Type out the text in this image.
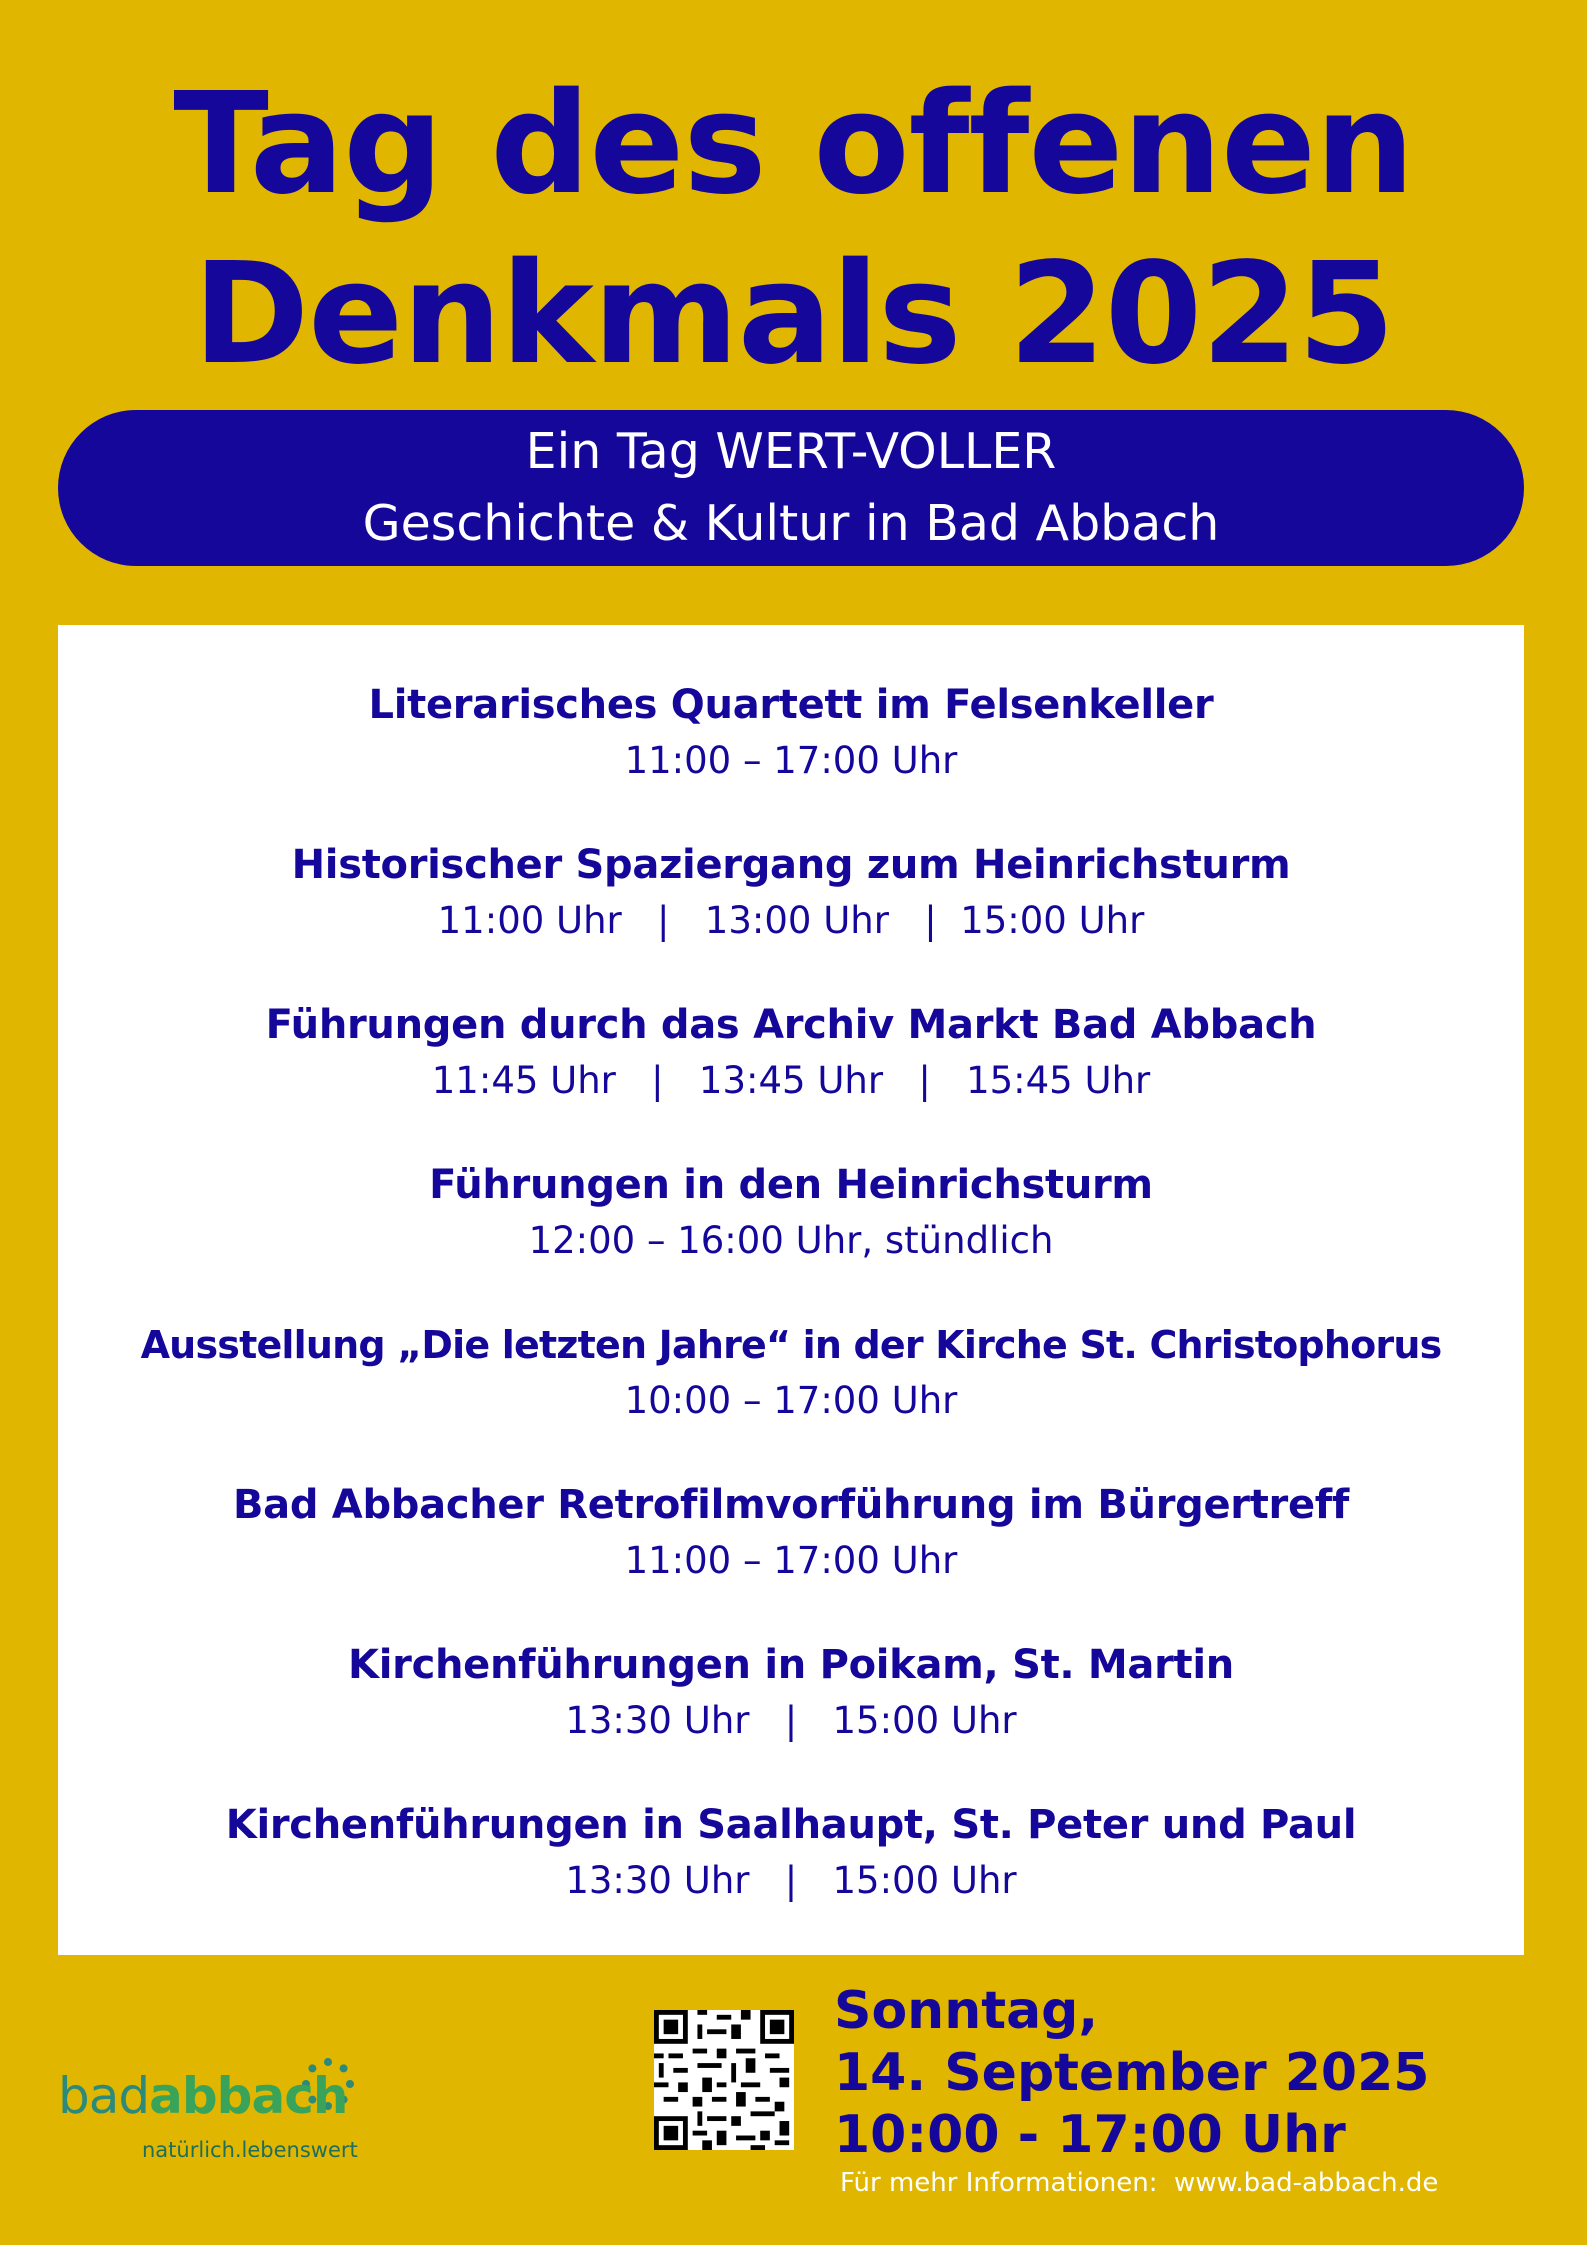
Tag des offenen
Denkmals 2025
Ein Tag WERT-VOLLER
Geschichte & Kultur in Bad Abbach
Literarisches Quartett im Felsenkeller
11:00 – 17:00 Uhr
Historischer Spaziergang zum Heinrichsturm
11:00 Uhr   |   13:00 Uhr   |  15:00 Uhr
Führungen durch das Archiv Markt Bad Abbach
11:45 Uhr   |   13:45 Uhr   |   15:45 Uhr
Führungen in den Heinrichsturm
12:00 – 16:00 Uhr, stündlich
Ausstellung „Die letzten Jahre“ in der Kirche St. Christophorus
10:00 – 17:00 Uhr
Bad Abbacher Retrofilmvorführung im Bürgertreff
11:00 – 17:00 Uhr
Kirchenführungen in Poikam, St. Martin
13:30 Uhr   |   15:00 Uhr
Kirchenführungen in Saalhaupt, St. Peter und Paul
13:30 Uhr   |   15:00 Uhr
badabbach
natürlich.lebenswert
Sonntag,
14. September 2025
10:00 - 17:00 Uhr
Für mehr Informationen:  www.bad-abbach.de
